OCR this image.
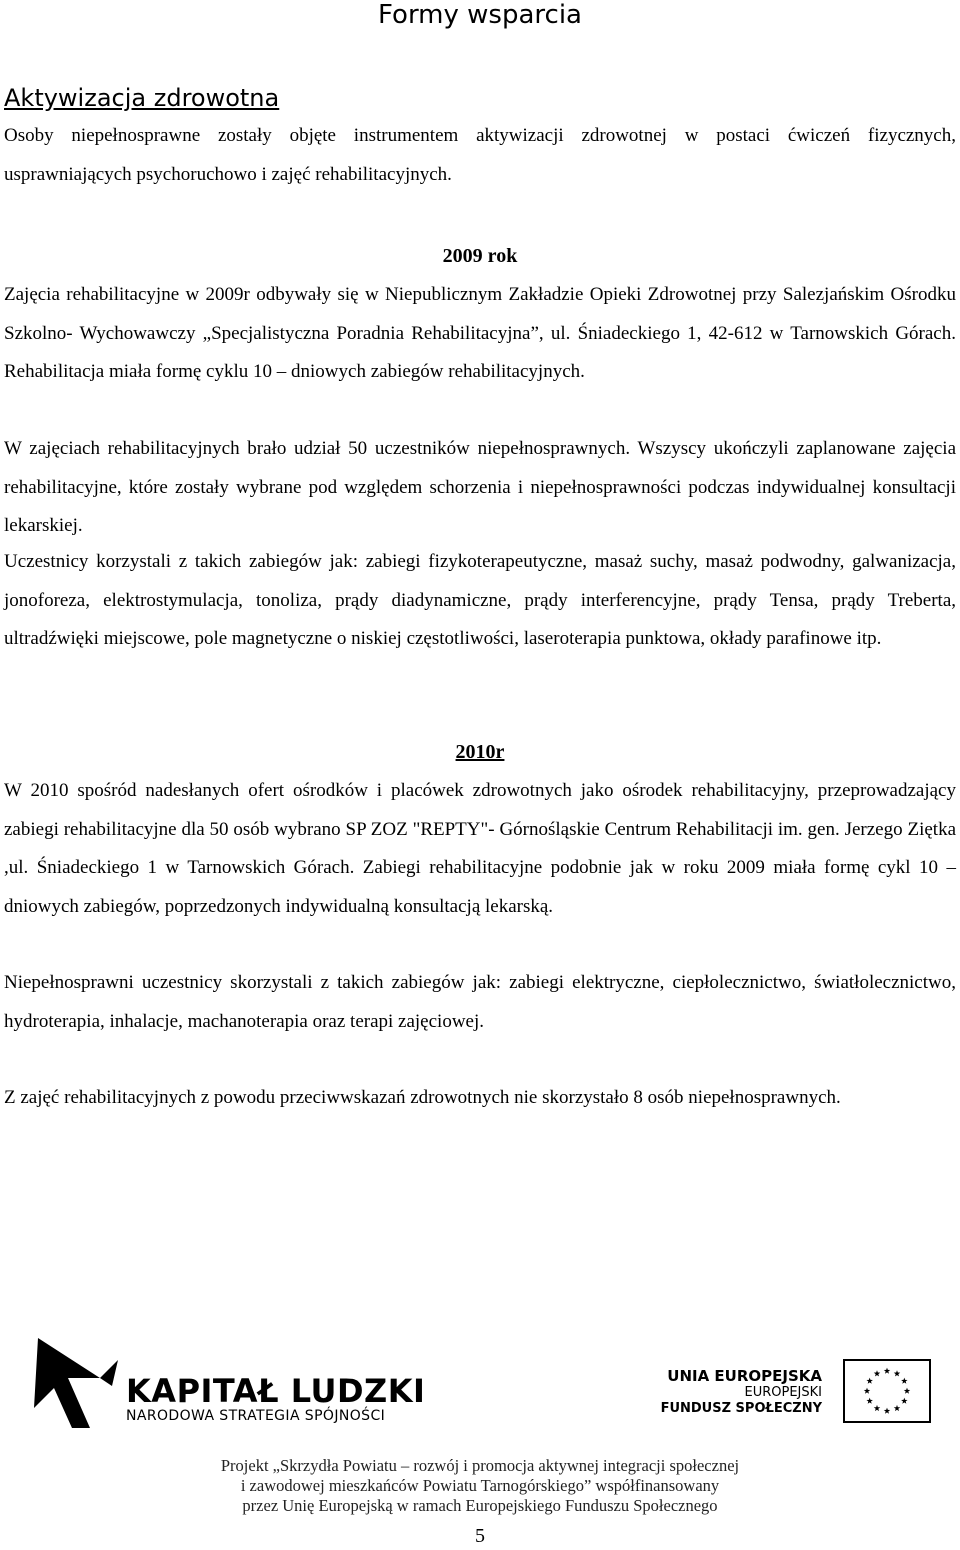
Formy wsparcia
Aktywizacja zdrowotna

Osoby niepełnosprawne zostały objęte instrumentem aktywizacji zdrowotnej w postaci ćwiczeń fizycznych, usprawniających psychoruchowo i zajęć rehabilitacyjnych.

2009 rok

Zajęcia rehabilitacyjne w 2009r odbywały się w Niepublicznym Zakładzie Opieki Zdrowotnej przy Salezjańskim Ośrodku Szkolno- Wychowawczy „Specjalistyczna Poradnia Rehabilitacyjna”, ul. Śniadeckiego 1, 42-612 w Tarnowskich Górach. Rehabilitacja miała formę cyklu 10 – dniowych zabiegów rehabilitacyjnych.

W zajęciach rehabilitacyjnych brało udział 50 uczestników niepełnosprawnych. Wszyscy ukończyli zaplanowane zajęcia rehabilitacyjne, które zostały wybrane pod względem schorzenia i niepełnosprawności podczas indywidualnej konsultacji lekarskiej.

Uczestnicy korzystali z takich zabiegów jak: zabiegi fizykoterapeutyczne, masaż suchy, masaż podwodny, galwanizacja, jonoforeza, elektrostymulacja, tonoliza, prądy diadynamiczne, prądy interferencyjne, prądy Tensa, prądy Treberta, ultradźwięki miejscowe, pole magnetyczne o niskiej częstotliwości, laseroterapia punktowa, okłady parafinowe itp.

2010r

W 2010 spośród nadesłanych ofert ośrodków i placówek zdrowotnych jako ośrodek rehabilitacyjny, przeprowadzający zabiegi rehabilitacyjne dla 50 osób wybrano SP ZOZ "REPTY"- Górnośląskie Centrum Rehabilitacji im. gen. Jerzego Ziętka ,ul. Śniadeckiego 1 w Tarnowskich Górach. Zabiegi rehabilitacyjne podobnie jak w roku 2009 miała formę cykl 10 – dniowych zabiegów, poprzedzonych indywidualną konsultacją lekarską.

Niepełnosprawni uczestnicy skorzystali z takich zabiegów jak: zabiegi elektryczne, ciepłolecznictwo, światłolecznictwo, hydroterapia, inhalacje, machanoterapia oraz terapi zajęciowej.

Z zajęć rehabilitacyjnych z powodu przeciwwskazań zdrowotnych nie skorzystało 8 osób niepełnosprawnych.

KAPITAŁ LUDZKI
NARODOWA STRATEGIA SPÓJNOŚCI
UNIA EUROPEJSKA
EUROPEJSKI
FUNDUSZ SPOŁECZNY
Projekt „Skrzydła Powiatu – rozwój i promocja aktywnej integracji społecznej
i zawodowej mieszkańców Powiatu Tarnogórskiego” współfinansowany
przez Unię Europejską w ramach Europejskiego Funduszu Społecznego
5
